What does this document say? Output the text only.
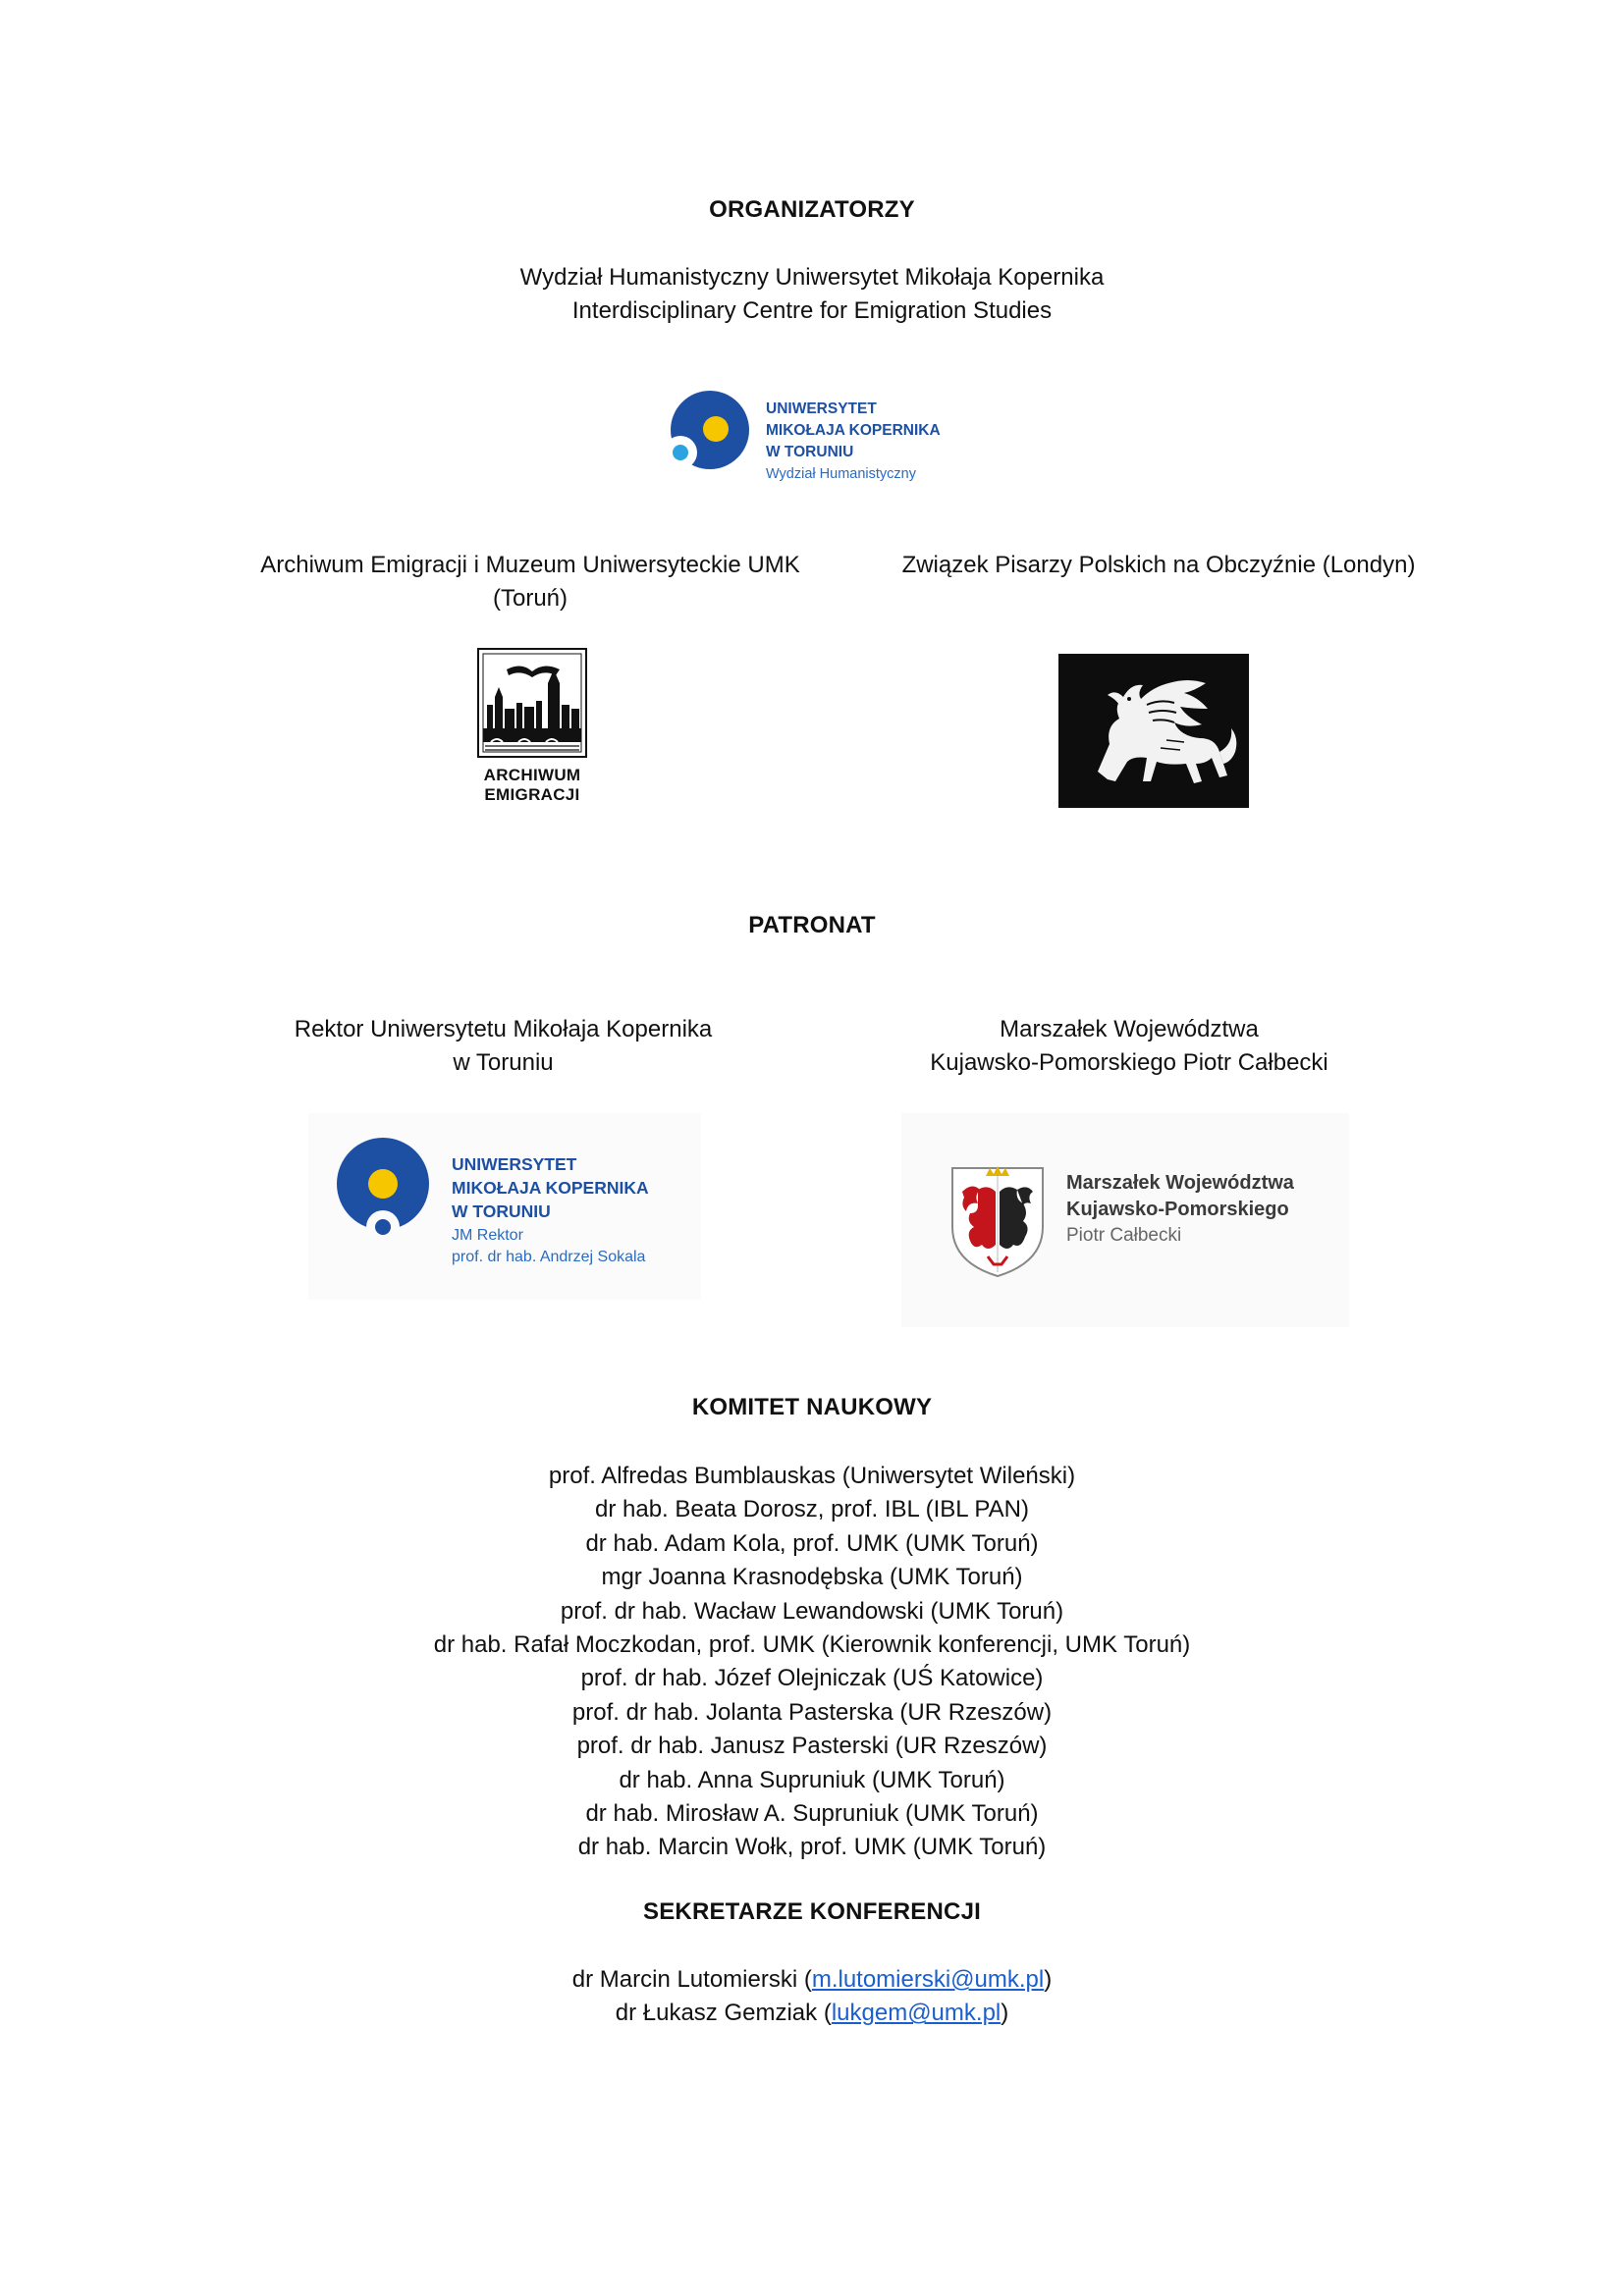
ORGANIZATORZY
Wydział Humanistyczny Uniwersytet Mikołaja Kopernika
Interdisciplinary Centre for Emigration Studies
UNIWERSYTET
MIKOŁAJA KOPERNIKA
W TORUNIU
Wydział Humanistyczny
Archiwum Emigracji i Muzeum Uniwersyteckie UMK
(Toruń)
Związek Pisarzy Polskich na Obczyźnie (Londyn)
ARCHIWUM
EMIGRACJI
PATRONAT
Rektor Uniwersytetu Mikołaja Kopernika
w Toruniu
Marszałek Województwa
Kujawsko-Pomorskiego Piotr Całbecki
UNIWERSYTET
MIKOŁAJA KOPERNIKA
W TORUNIU
JM Rektor
prof. dr hab. Andrzej Sokala
Marszałek Województwa
Kujawsko-Pomorskiego
Piotr Całbecki
KOMITET NAUKOWY
prof. Alfredas Bumblauskas (Uniwersytet Wileński)
dr hab. Beata Dorosz, prof. IBL (IBL PAN)
dr hab. Adam Kola, prof. UMK (UMK Toruń)
mgr Joanna Krasnodębska (UMK Toruń)
prof. dr hab. Wacław Lewandowski (UMK Toruń)
dr hab. Rafał Moczkodan, prof. UMK (Kierownik konferencji, UMK Toruń)
prof. dr hab. Józef Olejniczak (UŚ Katowice)
prof. dr hab. Jolanta Pasterska (UR Rzeszów)
prof. dr hab. Janusz Pasterski (UR Rzeszów)
dr hab. Anna Supruniuk (UMK Toruń)
dr hab. Mirosław A. Supruniuk (UMK Toruń)
dr hab. Marcin Wołk, prof. UMK (UMK Toruń)
SEKRETARZE KONFERENCJI
dr Marcin Lutomierski (m.lutomierski@umk.pl)
dr Łukasz Gemziak (lukgem@umk.pl)
